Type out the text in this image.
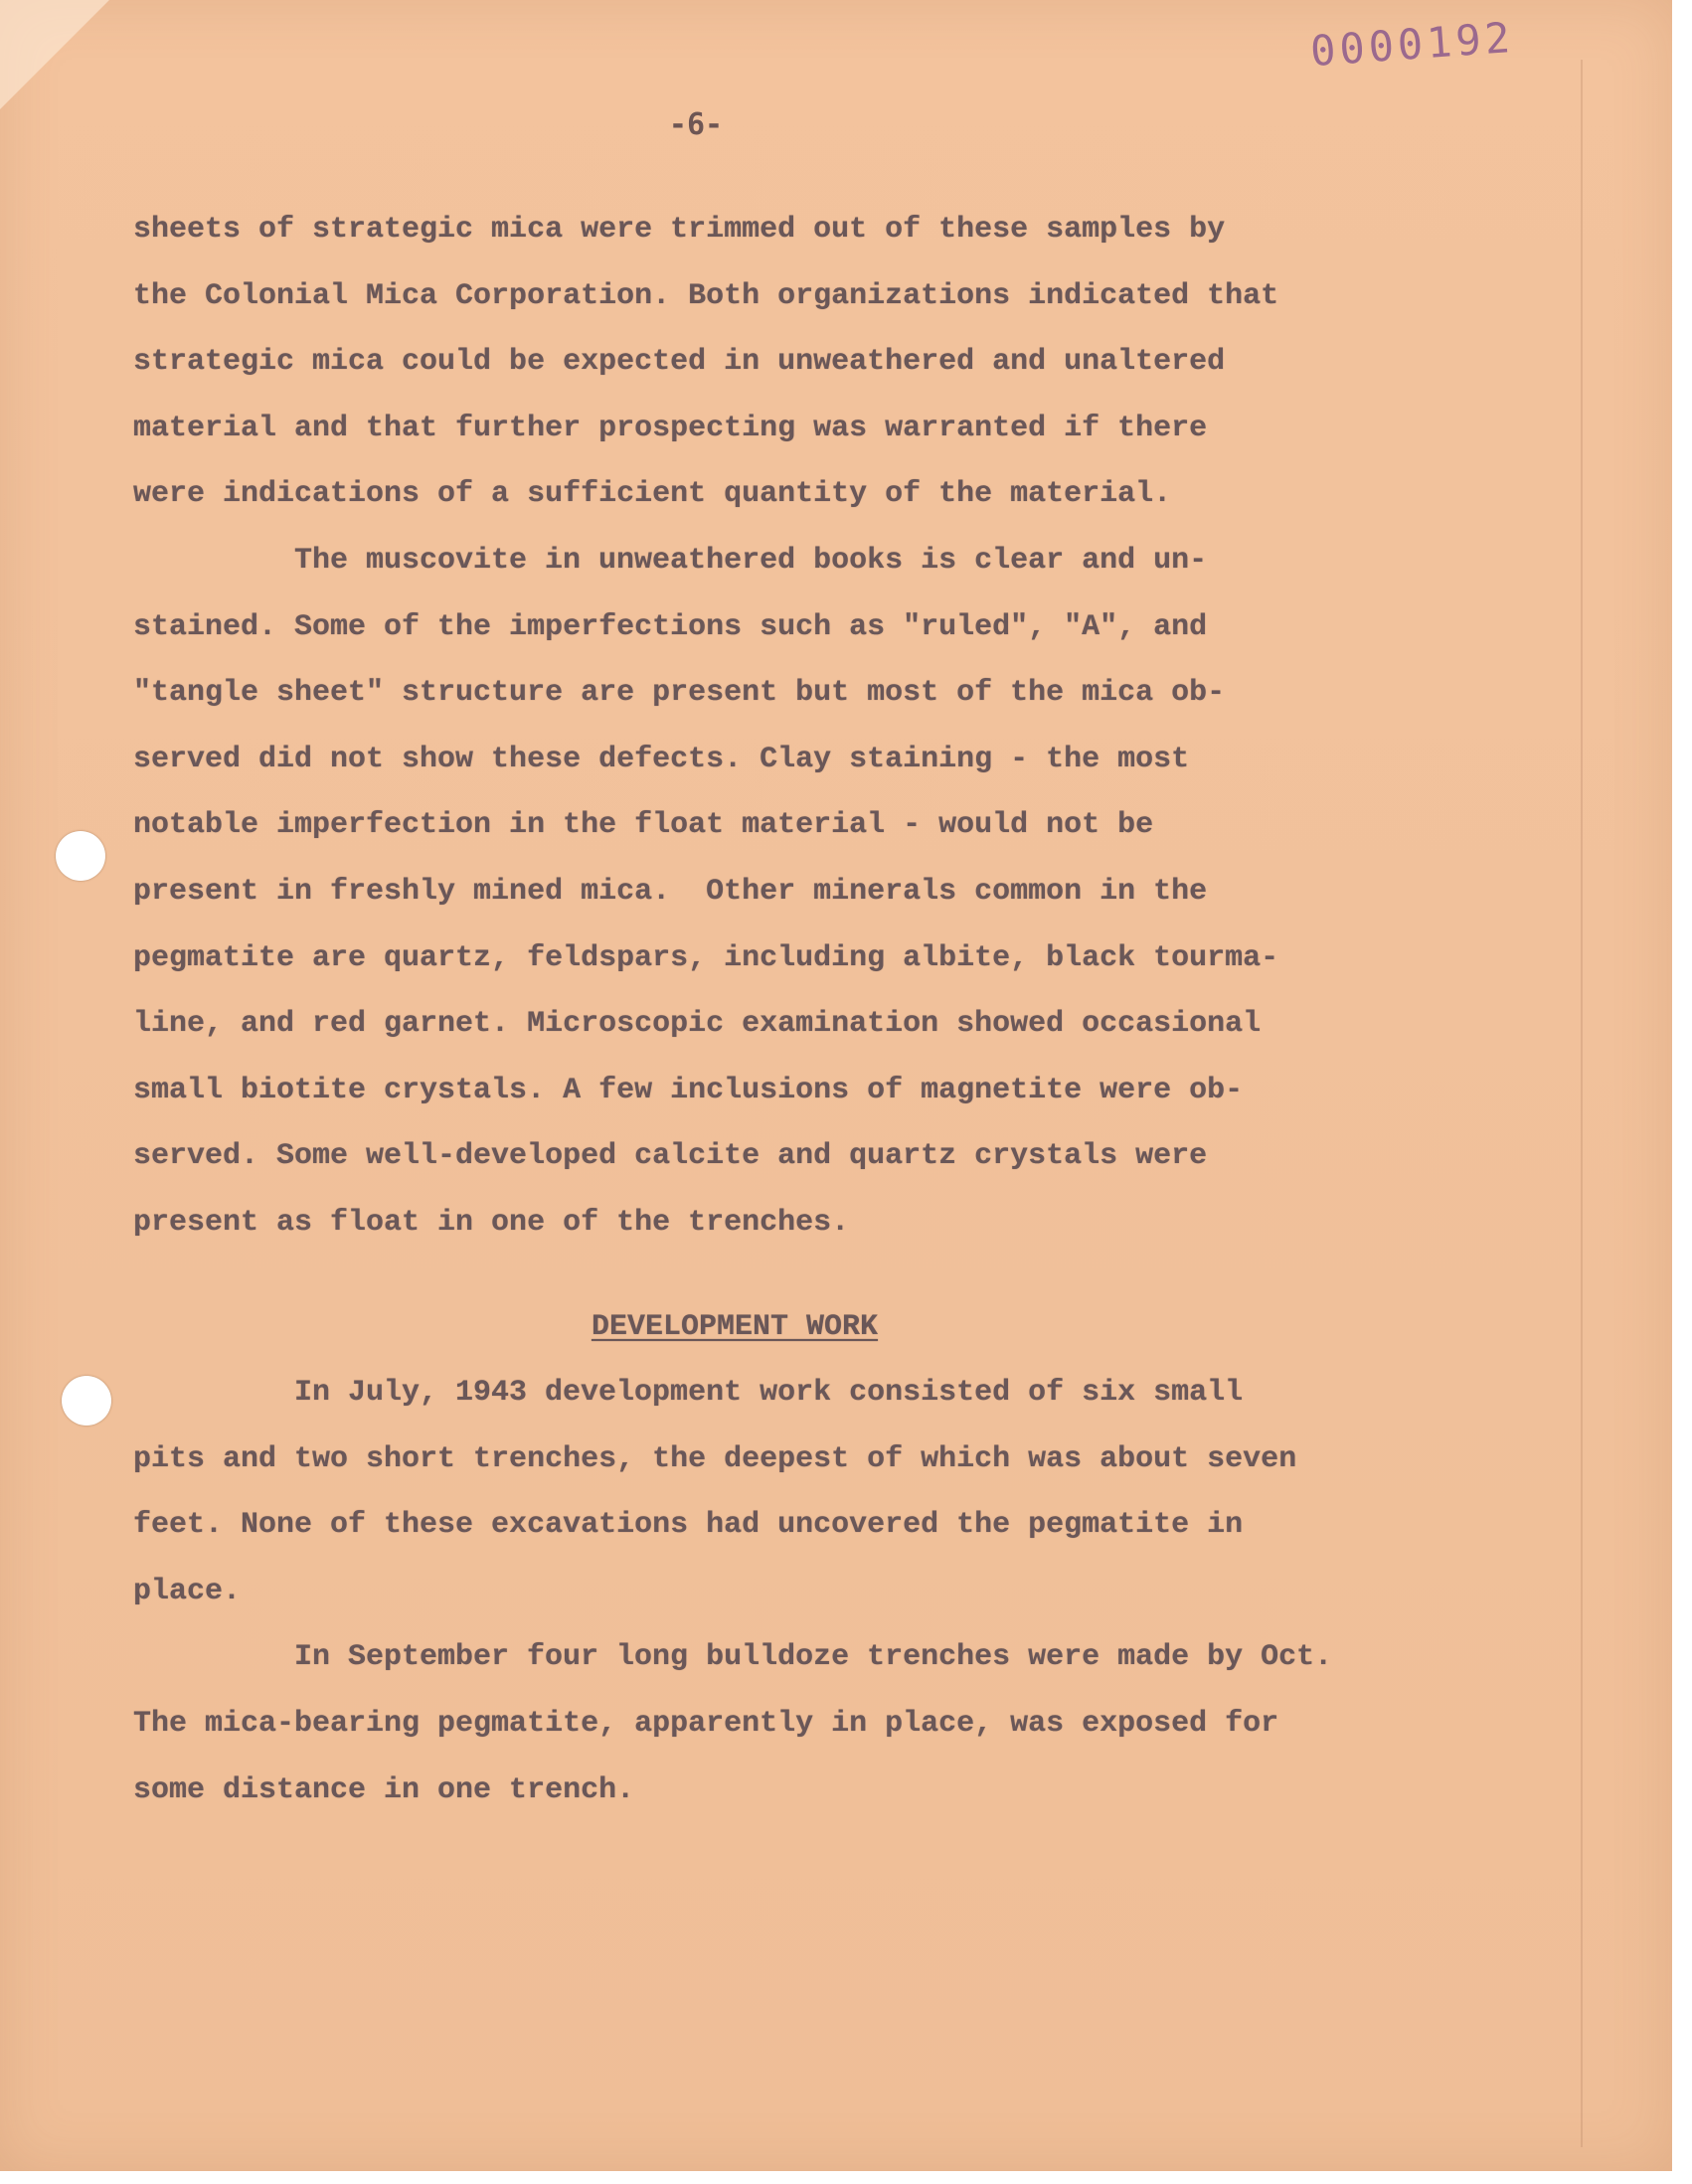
0000192
-6-
sheets of strategic mica were trimmed out of these samples by
the Colonial Mica Corporation. Both organizations indicated that
strategic mica could be expected in unweathered and unaltered
material and that further prospecting was warranted if there
were indications of a sufficient quantity of the material.
The muscovite in unweathered books is clear and un-
stained. Some of the imperfections such as "ruled", "A", and
"tangle sheet" structure are present but most of the mica ob-
served did not show these defects. Clay staining - the most
notable imperfection in the float material - would not be
present in freshly mined mica.  Other minerals common in the
pegmatite are quartz, feldspars, including albite, black tourma-
line, and red garnet. Microscopic examination showed occasional
small biotite crystals. A few inclusions of magnetite were ob-
served. Some well-developed calcite and quartz crystals were
present as float in one of the trenches.
DEVELOPMENT WORK
In July, 1943 development work consisted of six small
pits and two short trenches, the deepest of which was about seven
feet. None of these excavations had uncovered the pegmatite in
place.
In September four long bulldoze trenches were made by Oct.
The mica-bearing pegmatite, apparently in place, was exposed for
some distance in one trench.
